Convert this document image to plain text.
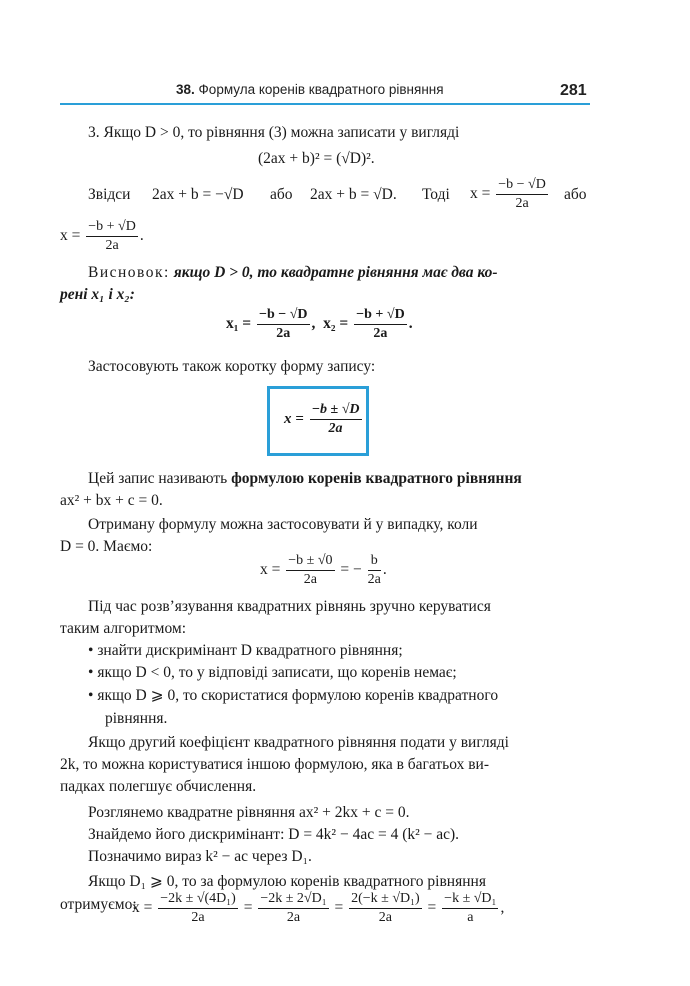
38. Формула коренів квадратного рівняння	281
3. Якщо D > 0, то рівняння (3) можна записати у вигляді
(2ax + b)² = (√D)².
Звідси 2ax + b = −√D або 2ax + b = √D. Тоді $x = \frac{-b - √D}{2a}$ або
$x = \frac{-b + √D}{2a}$ .
Висновок: якщо D > 0, то квадратне рівняння має два ко-
рені x₁ і x₂:
$x_1 = \frac{-b - √D}{2a}$ ,  $x_2 = \frac{-b + √D}{2a}$ .
Застосовують також коротку форму запису:
$x = \frac{-b \pm √D}{2a}$
Цей запис називають формулою коренів квадратного рівняння
ax² + bx + c = 0.
Отриману формулу можна застосовувати й у випадку, коли
D = 0. Маємо:
$x = \frac{-b \pm √0}{2a}$ = − $\frac{b}{2a}$ .
Під час розв’язування квадратних рівнянь зручно керуватися
таким алгоритмом:
• знайти дискримінант D квадратного рівняння;
• якщо D < 0, то у відповіді записати, що коренів немає;
• якщо D ⩾ 0, то скористатися формулою коренів квадратного
рівняння.
Якщо другий коефіцієнт квадратного рівняння подати у вигляді
2k, то можна користуватися іншою формулою, яка в багатьох ви-
падках полегшує обчислення.
Розглянемо квадратне рівняння ax² + 2kx + c = 0.
Знайдемо його дискримінант: D = 4k² − 4ac = 4 (k² − ac).
Позначимо вираз k² − ac через D₁.
Якщо D₁ ⩾ 0, то за формулою коренів квадратного рівняння
отримуємо:
$x = \frac{\text{−2k ± √(4D₁)}}{2a} = \frac{\text{−2k ± 2√D₁}}{2a} = \frac{\text{2(−k ± √D₁)}}{2a} = \frac{\text{−k ± √D₁}}{a}$ ,
